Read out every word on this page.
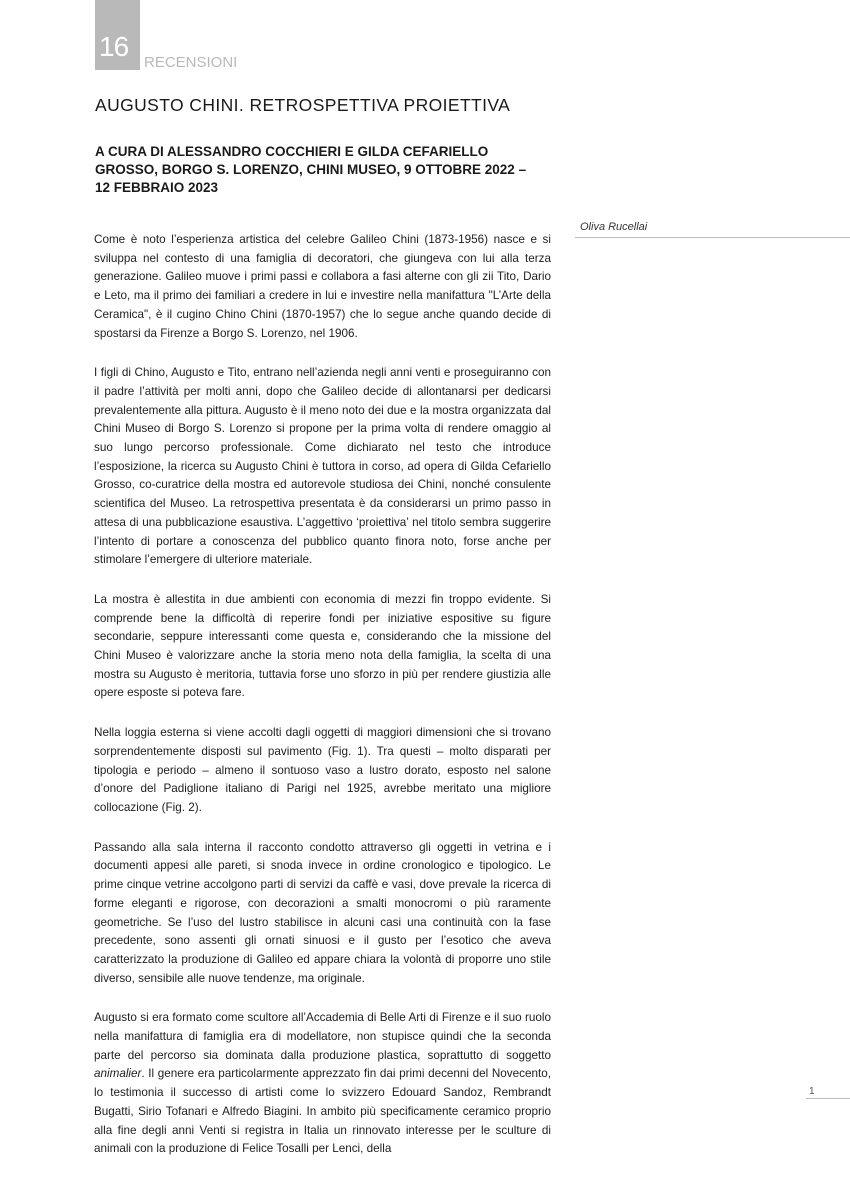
16
RECENSIONI
AUGUSTO CHINI. RETROSPETTIVA PROIETTIVA
A CURA DI ALESSANDRO COCCHIERI E GILDA CEFARIELLO GROSSO, BORGO S. LORENZO, CHINI MUSEO, 9 OTTOBRE 2022 – 12 FEBBRAIO 2023
Oliva Rucellai

Come è noto l’esperienza artistica del celebre Galileo Chini (1873-1956) nasce e si sviluppa nel contesto di una famiglia di decoratori, che giungeva con lui alla terza generazione. Galileo muove i primi passi e collabora a fasi alterne con gli zii Tito, Dario e Leto, ma il primo dei familiari a credere in lui e investire nella manifattura "L’Arte della Ceramica", è il cugino Chino Chini (1870-1957) che lo segue anche quando decide di spostarsi da Firenze a Borgo S. Lorenzo, nel 1906.

I figli di Chino, Augusto e Tito, entrano nell’azienda negli anni venti e proseguiranno con il padre l’attività per molti anni, dopo che Galileo decide di allontanarsi per dedicarsi prevalentemente alla pittura. Augusto è il meno noto dei due e la mostra organizzata dal Chini Museo di Borgo S. Lorenzo si propone per la prima volta di rendere omaggio al suo lungo percorso professionale. Come dichiarato nel testo che introduce l’esposizione, la ricerca su Augusto Chini è tuttora in corso, ad opera di Gilda Cefariello Grosso, co-curatrice della mostra ed autorevole studiosa dei Chini, nonché consulente scientifica del Museo. La retrospettiva presentata è da considerarsi un primo passo in attesa di una pubblicazione esaustiva. L’aggettivo ‘proiettiva’ nel titolo sembra suggerire l’intento di portare a conoscenza del pubblico quanto finora noto, forse anche per stimolare l’emergere di ulteriore materiale.

La mostra è allestita in due ambienti con economia di mezzi fin troppo evidente. Si comprende bene la difficoltà di reperire fondi per iniziative espositive su figure secondarie, seppure interessanti come questa e, considerando che la missione del Chini Museo è valorizzare anche la storia meno nota della famiglia, la scelta di una mostra su Augusto è meritoria, tuttavia forse uno sforzo in più per rendere giustizia alle opere esposte si poteva fare.

Nella loggia esterna si viene accolti dagli oggetti di maggiori dimensioni che si trovano sorprendentemente disposti sul pavimento (Fig. 1). Tra questi – molto disparati per tipologia e periodo – almeno il sontuoso vaso a lustro dorato, esposto nel salone d’onore del Padiglione italiano di Parigi nel 1925, avrebbe meritato una migliore collocazione (Fig. 2).

Passando alla sala interna il racconto condotto attraverso gli oggetti in vetrina e i documenti appesi alle pareti, si snoda invece in ordine cronologico e tipologico. Le prime cinque vetrine accolgono parti di servizi da caffè e vasi, dove prevale la ricerca di forme eleganti e rigorose, con decorazioni a smalti monocromi o più raramente geometriche. Se l’uso del lustro stabilisce in alcuni casi una continuità con la fase precedente, sono assenti gli ornati sinuosi e il gusto per l’esotico che aveva caratterizzato la produzione di Galileo ed appare chiara la volontà di proporre uno stile diverso, sensibile alle nuove tendenze, ma originale.

Augusto si era formato come scultore all’Accademia di Belle Arti di Firenze e il suo ruolo nella manifattura di famiglia era di modellatore, non stupisce quindi che la seconda parte del percorso sia dominata dalla produzione plastica, soprattutto di soggetto animalier. Il genere era particolarmente apprezzato fin dai primi decenni del Novecento, lo testimonia il successo di artisti come lo svizzero Edouard Sandoz, Rembrandt Bugatti, Sirio Tofanari e Alfredo Biagini. In ambito più specificamente ceramico proprio alla fine degli anni Venti si registra in Italia un rinnovato interesse per le sculture di animali con la produzione di Felice Tosalli per Lenci, della

1
